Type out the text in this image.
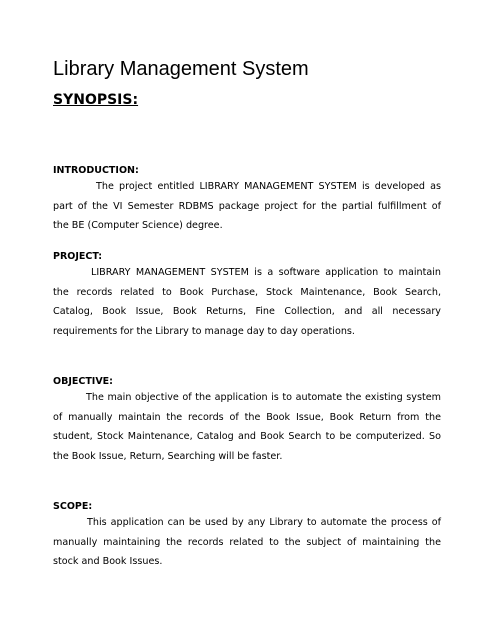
Library Management System
SYNOPSIS:
INTRODUCTION:
The project entitled LIBRARY MANAGEMENT SYSTEM is developed as
part of the VI Semester RDBMS package project for the partial fulfillment of
the BE (Computer Science) degree.
PROJECT:
LIBRARY MANAGEMENT SYSTEM is a software application to maintain
the records related to Book Purchase, Stock Maintenance, Book Search,
Catalog, Book Issue, Book Returns, Fine Collection, and all necessary
requirements for the Library to manage day to day operations.
OBJECTIVE:
The main objective of the application is to automate the existing system
of manually maintain the records of the Book Issue, Book Return from the
student, Stock Maintenance, Catalog and Book Search to be computerized. So
the Book Issue, Return, Searching will be faster.
SCOPE:
This application can be used by any Library to automate the process of
manually maintaining the records related to the subject of maintaining the
stock and Book Issues.
